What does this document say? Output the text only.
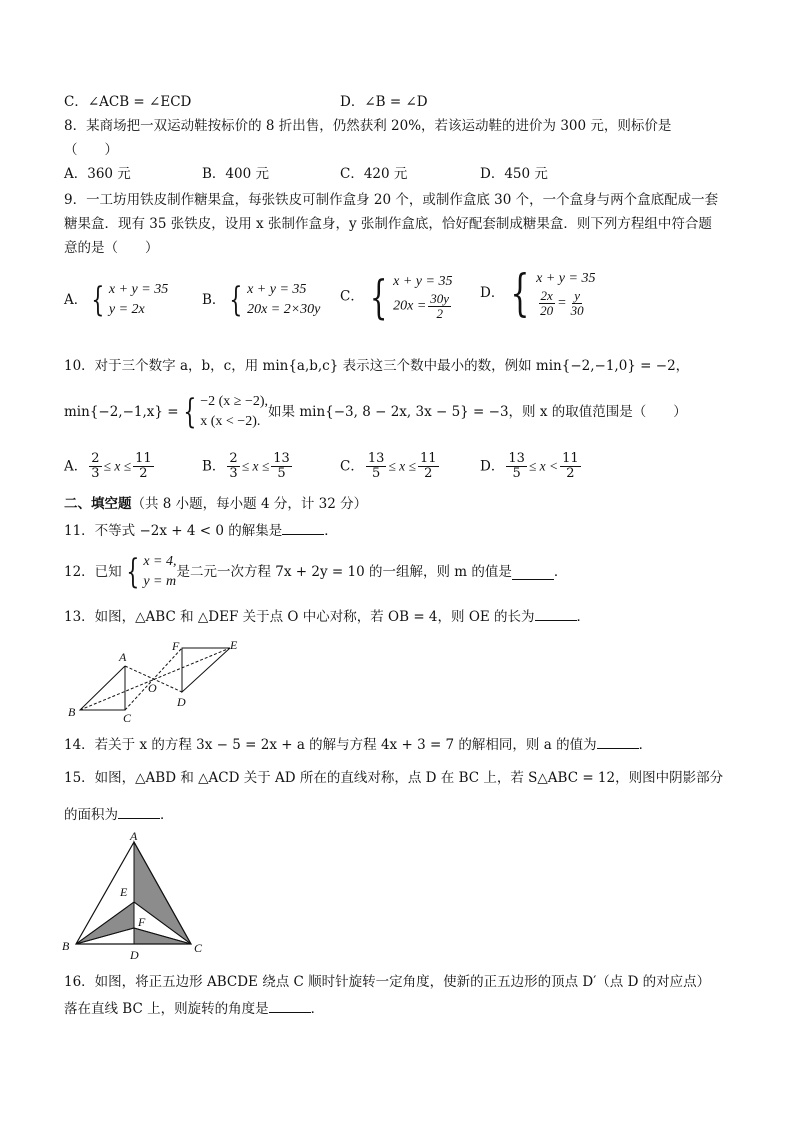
C．∠ACB = ∠ECD	D．∠B = ∠D
8．某商场把一双运动鞋按标价的 8 折出售，仍然获利 20%，若该运动鞋的进价为 300 元，则标价是
（　　）
A．360 元	B．400 元	C．420 元	D．450 元
9．一工坊用铁皮制作糖果盒，每张铁皮可制作盒身 20 个，或制作盒底 30 个，一个盒身与两个盒底配成一套
糖果盒．现有 35 张铁皮，设用 x 张制作盒身，y 张制作盒底，恰好配套制成糖果盒．则下列方程组中符合题
意的是（　　）
A． { x + y = 35
y = 2x
B． { x + y = 35
20x = 2×30y
C． { x + y = 35
$20x = \frac{30y}{2}$ D． { x + y = 35
$\frac{2x}{20} = \frac{y}{30}$
10．对于三个数字 a，b，c，用 min{a,b,c} 表示这三个数中最小的数，例如 min{−2,−1,0} = −2，
min{−2,−1,x} = { −2 (x ≥ −2),
x (x < −2).
如果 min{−3, 8 − 2x, 3x − 5} = −3，则 x 的取值范围是（　　）
A． $\frac{2}{3} \le x \le \frac{11}{2}$	B． $\frac{2}{3} \le x \le \frac{13}{5}$	C． $\frac{13}{5} \le x \le \frac{11}{2}$	D． $\frac{13}{5} \le x < \frac{11}{2}$
二、填空题（共 8 小题，每小题 4 分，计 32 分）
11．不等式 −2x + 4 < 0 的解集是	．
12．已知 { x = 4,
y = m
是二元一次方程 7x + 2y = 10 的一组解，则 m 的值是	．
13．如图，△ABC 和 △DEF 关于点 O 中心对称，若 OB = 4，则 OE 的长为	．
A
B	C
D
E
F
O
14．若关于 x 的方程 3x − 5 = 2x + a 的解与方程 4x + 3 = 7 的解相同，则 a 的值为	．
15．如图，△ABD 和 △ACD 关于 AD 所在的直线对称，点 D 在 BC 上，若 S△ABC = 12，则图中阴影部分
的面积为	．
A
B	C
D
E
F
16．如图，将正五边形 ABCDE 绕点 C 顺时针旋转一定角度，使新的正五边形的顶点 D′（点 D 的对应点）
落在直线 BC 上，则旋转的角度是	．
